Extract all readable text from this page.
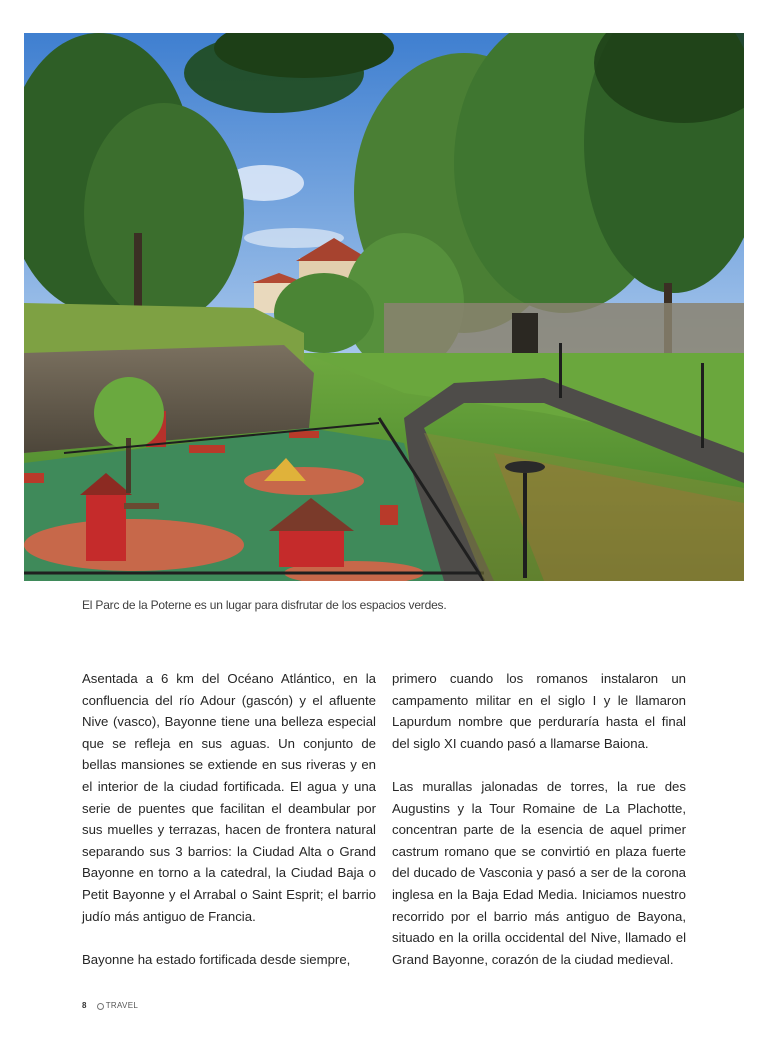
El Parc de la Poterne es un lugar para disfrutar de los espacios verdes.

Asentada a 6 km del Océano Atlántico, en la confluencia del río Adour (gascón) y el afluente Nive (vasco), Bayonne tiene una belleza especial que se refleja en sus aguas. Un conjunto de bellas mansiones se extiende en sus riveras y en el interior de la ciudad fortificada. El agua y una serie de puentes que facilitan el deambular por sus muelles y terrazas, hacen de frontera natural separando sus 3 barrios: la Ciudad Alta o Grand Bayonne en torno a la catedral, la Ciudad Baja o Petit Bayonne y el Arrabal o Saint Esprit; el barrio judío más antiguo de Francia.

Bayonne ha estado fortificada desde siempre,

primero cuando los romanos instalaron un campamento militar en el siglo I y le llamaron Lapurdum nombre que perduraría hasta el final del siglo XI cuando pasó a llamarse Baiona.

Las murallas jalonadas de torres, la rue des Augustins y la Tour Romaine de La Plachotte, concentran parte de la esencia de aquel primer castrum romano que se convirtió en plaza fuerte del ducado de Vasconia y pasó a ser de la corona inglesa en la Baja Edad Media. Iniciamos nuestro recorrido por el barrio más antiguo de Bayona, situado en la orilla occidental del Nive, llamado el Grand Bayonne, corazón de la ciudad medieval.

8 TRAVEL
